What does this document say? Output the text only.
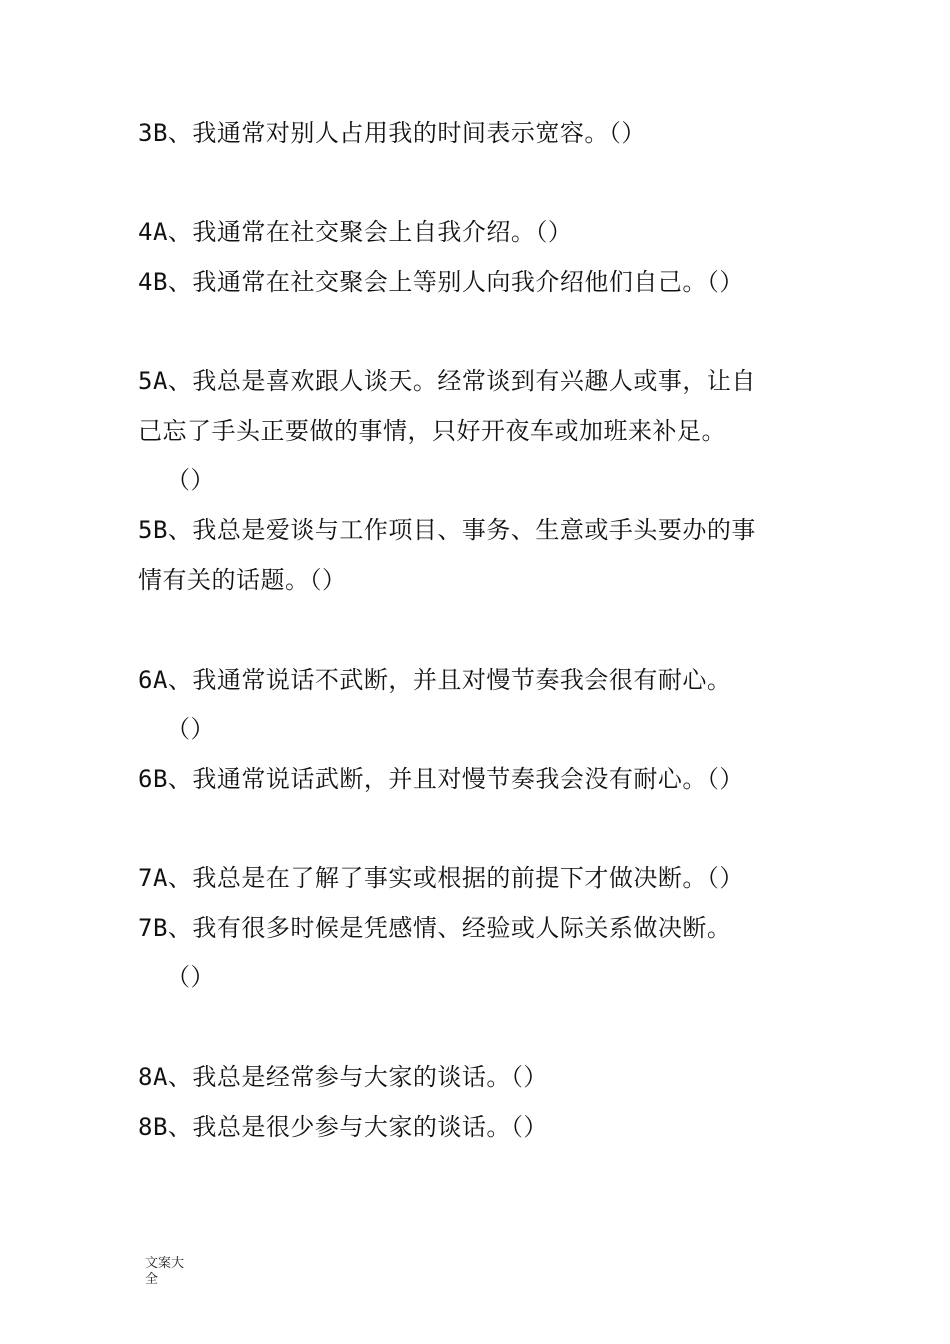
3B、我通常对别人占用我的时间表示宽容。（）
4A、我通常在社交聚会上自我介绍。（）
4B、我通常在社交聚会上等别人向我介绍他们自己。（）
5A、我总是喜欢跟人谈天。经常谈到有兴趣人或事，让自
己忘了手头正要做的事情，只好开夜车或加班来补足。
（）
5B、我总是爱谈与工作项目、事务、生意或手头要办的事
情有关的话题。（）
6A、我通常说话不武断，并且对慢节奏我会很有耐心。
（）
6B、我通常说话武断，并且对慢节奏我会没有耐心。（）
7A、我总是在了解了事实或根据的前提下才做决断。（）
7B、我有很多时候是凭感情、经验或人际关系做决断。
（）
8A、我总是经常参与大家的谈话。（）
8B、我总是很少参与大家的谈话。（）
文案大全
